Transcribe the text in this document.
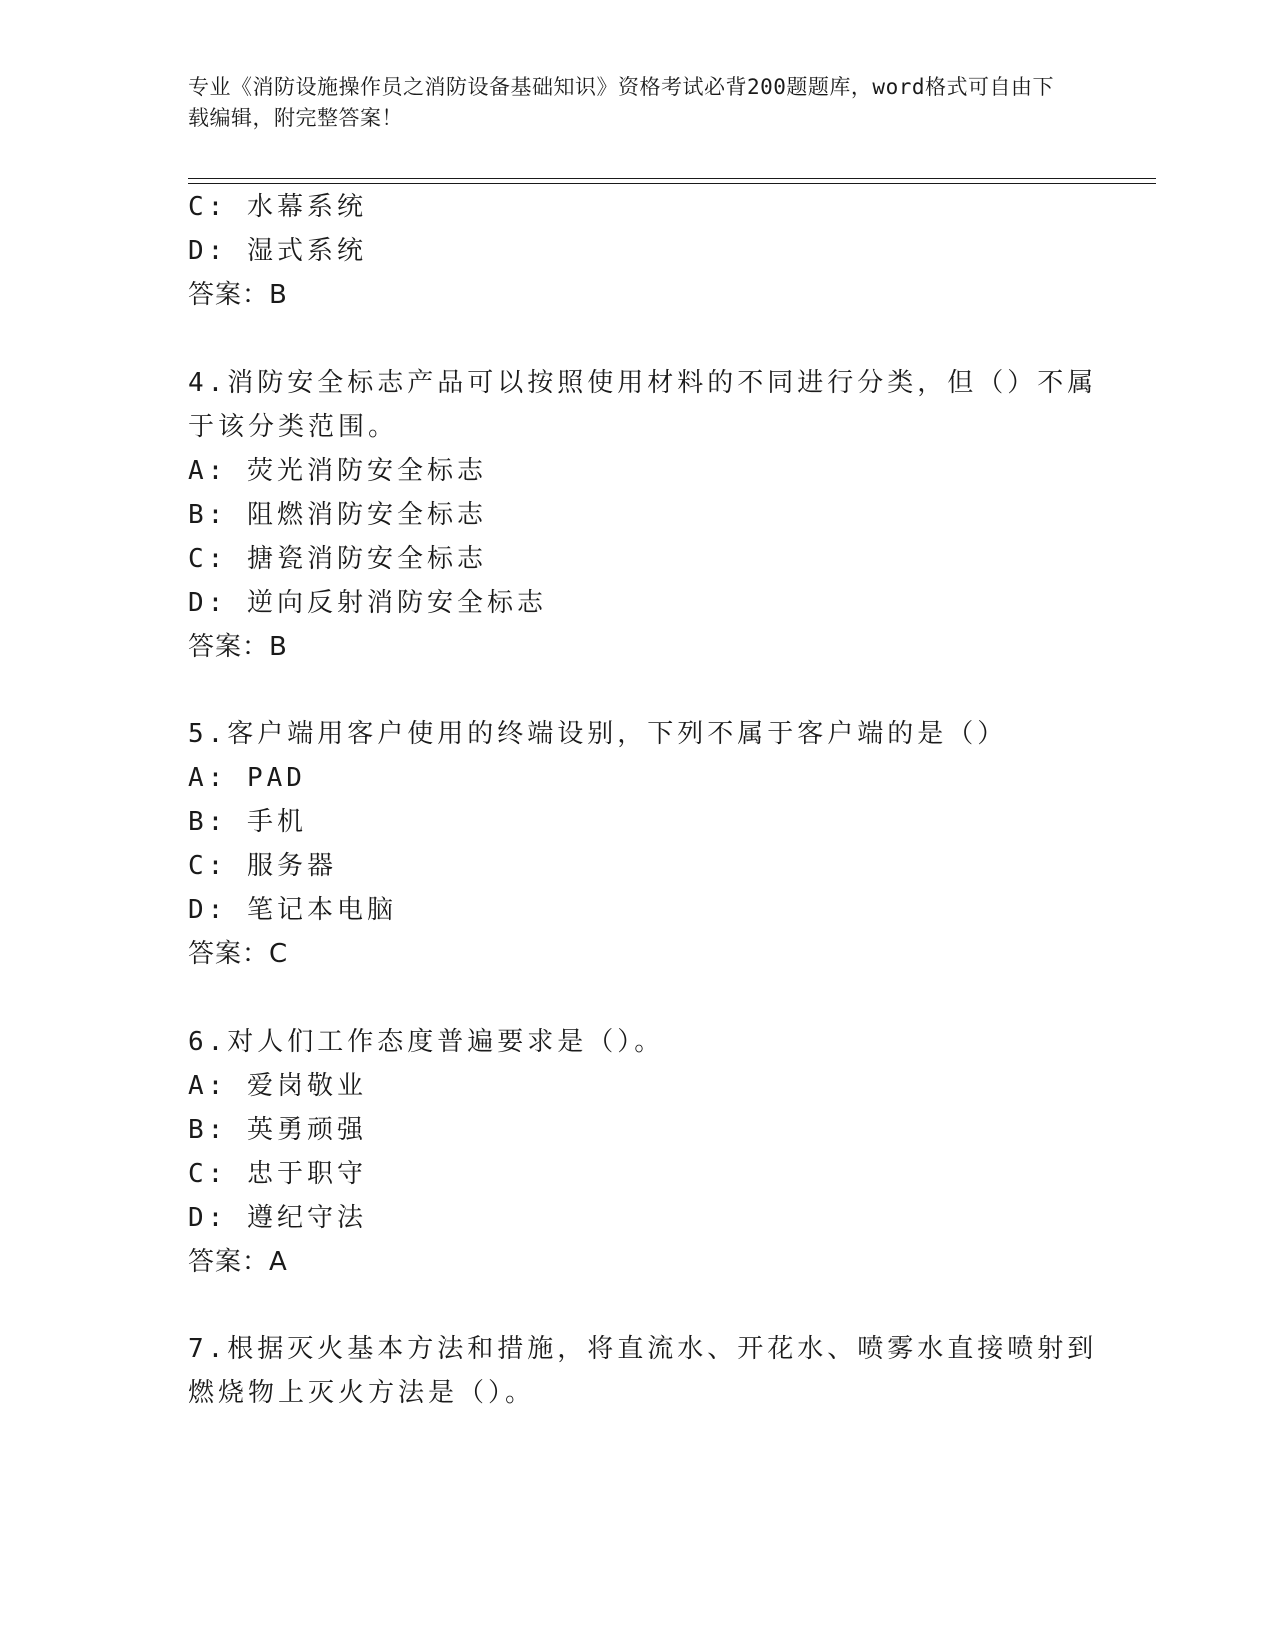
专业《消防设施操作员之消防设备基础知识》资格考试必背200题题库，word格式可自由下载编辑，附完整答案！
C: 水幕系统
D: 湿式系统
答案：B
4.消防安全标志产品可以按照使用材料的不同进行分类，但（）不属
于该分类范围。
A: 荧光消防安全标志
B: 阻燃消防安全标志
C: 搪瓷消防安全标志
D: 逆向反射消防安全标志
答案：B
5.客户端用客户使用的终端设别，下列不属于客户端的是（）
A: PAD
B: 手机
C: 服务器
D: 笔记本电脑
答案：C
6.对人们工作态度普遍要求是（）。
A: 爱岗敬业
B: 英勇顽强
C: 忠于职守
D: 遵纪守法
答案：A
7.根据灭火基本方法和措施，将直流水、开花水、喷雾水直接喷射到
燃烧物上灭火方法是（）。
